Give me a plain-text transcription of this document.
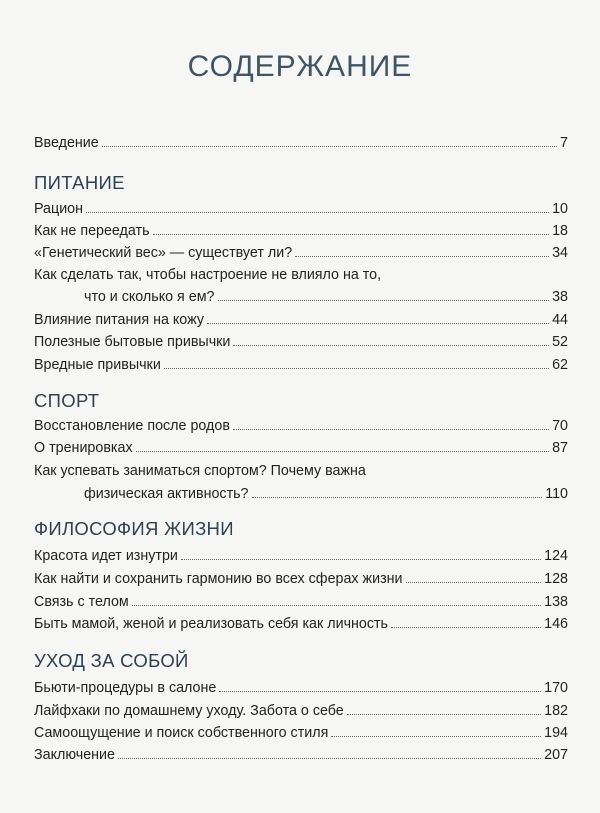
СОДЕРЖАНИЕ
Введение	7
ПИТАНИЕ
Рацион	10
Как не переедать	18
«Генетический вес» — существует ли?	34
Как сделать так, чтобы настроение не влияло на то,
что и сколько я ем?	38
Влияние питания на кожу	44
Полезные бытовые привычки	52
Вредные привычки	62
СПОРТ
Восстановление после родов	70
О тренировках	87
Как успевать заниматься спортом? Почему важна
физическая активность?	110
ФИЛОСОФИЯ ЖИЗНИ
Красота идет изнутри	124
Как найти и сохранить гармонию во всех сферах жизни	128
Связь с телом	138
Быть мамой, женой и реализовать себя как личность	146
УХОД ЗА СОБОЙ
Бьюти-процедуры в салоне	170
Лайфхаки по домашнему уходу. Забота о себе	182
Самоощущение и поиск собственного стиля	194
Заключение	207
